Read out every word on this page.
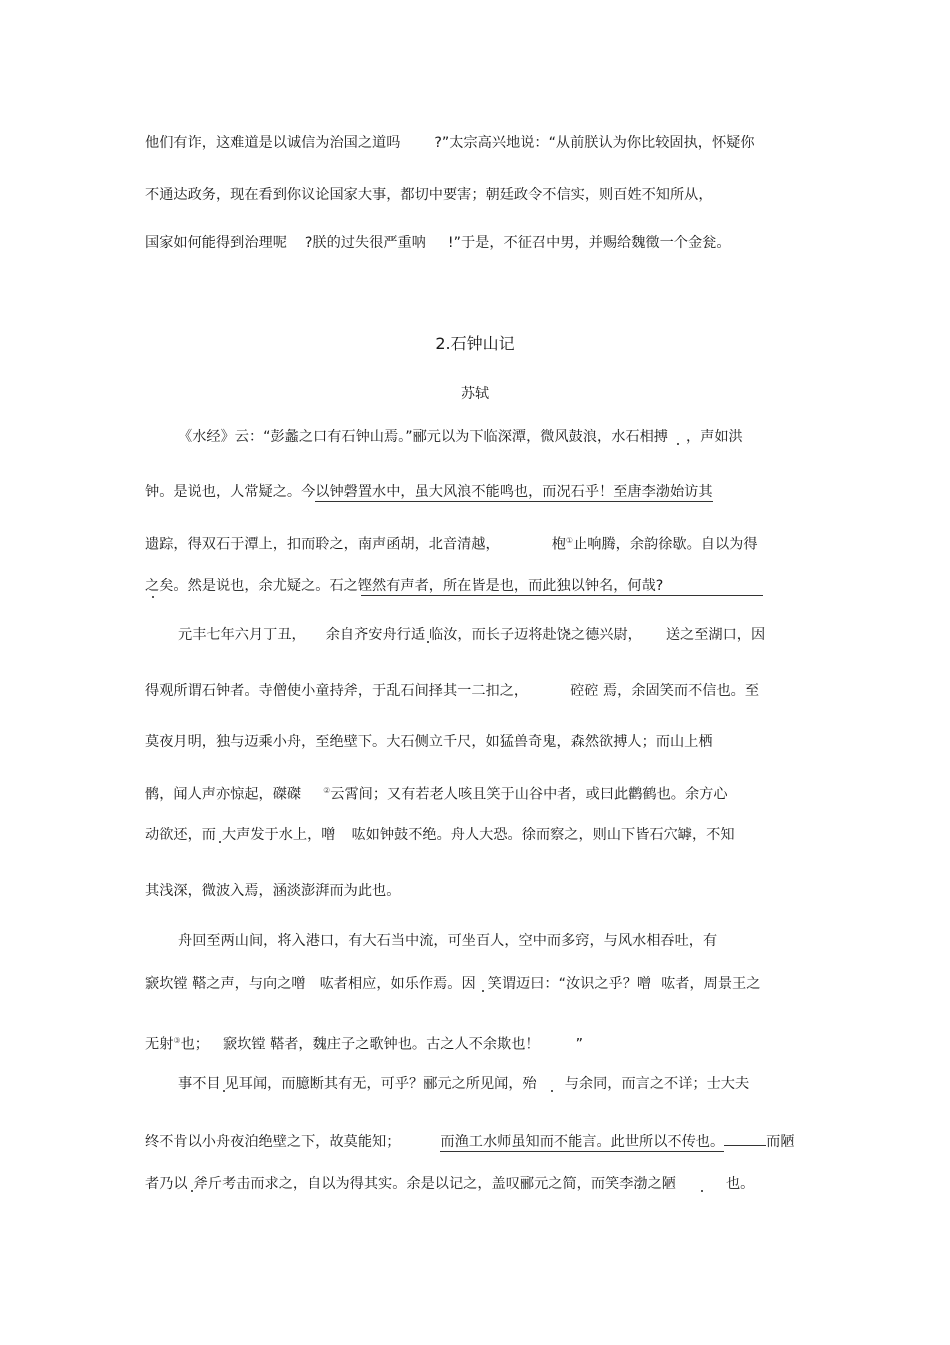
他们有诈，这难道是以诚信为治国之道吗 ?”太宗高兴地说：“从前朕认为你比较固执，怀疑你
不通达政务，现在看到你议论国家大事，都切中要害；朝廷政令不信实，则百姓不知所从，
国家如何能得到治理呢 ?朕的过失很严重呐 !”于是，不征召中男，并赐给魏徵一个金瓮。
2.石钟山记
苏轼
《水经》云：“彭蠡之口有石钟山焉。”郦元以为下临深潭，微风鼓浪，水石相搏 ，声如洪
钟。是说也，人常疑之。今以钟磬置水中，虽大风浪不能鸣也，而况石乎！至唐李渤始访其
遗踪，得双石于潭上，扣而聆之，南声函胡，北音清越，	枹①止响腾，余韵徐歇。自以为得
之矣。然是说也，余尤疑之。石之铿然有声者，所在皆是也，而此独以钟名，何哉?
元丰七年六月丁丑， 余自齐安舟行适 临汝，而长子迈将赴饶之德兴尉， 送之至湖口，因
得观所谓石钟者。寺僧使小童持斧，于乱石间择其一二扣之，	硿硿 焉，余固笑而不信也。至
莫夜月明，独与迈乘小舟，至绝壁下。大石侧立千尺，如猛兽奇鬼，森然欲搏人；而山上栖
鹘，闻人声亦惊起，磔磔	②云霄间；又有若老人咳且笑于山谷中者，或曰此鹳鹤也。余方心
动欲还，而 大声发于水上，噌 吰如钟鼓不绝。舟人大恐。徐而察之，则山下皆石穴罅，不知
其浅深，微波入焉，涵淡澎湃而为此也。
舟回至两山间，将入港口，有大石当中流，可坐百人，空中而多窍，与风水相吞吐，有
窾坎镗 鞳之声，与向之噌 吰者相应，如乐作焉。因 笑谓迈曰：“汝识之乎？噌 吰者，周景王之
无射③也； 窾坎镗 鞳者，魏庄子之歌钟也。古之人不余欺也！	”
事不目 见耳闻，而臆断其有无，可乎？郦元之所见闻，殆 与余同，而言之不详；士大夫
终不肯以小舟夜泊绝壁之下，故莫能知；	而渔工水师虽知而不能言。此世所以不传也。	而陋
者乃以 斧斤考击而求之，自以为得其实。余是以记之，盖叹郦元之简，而笑李渤之陋	也。
